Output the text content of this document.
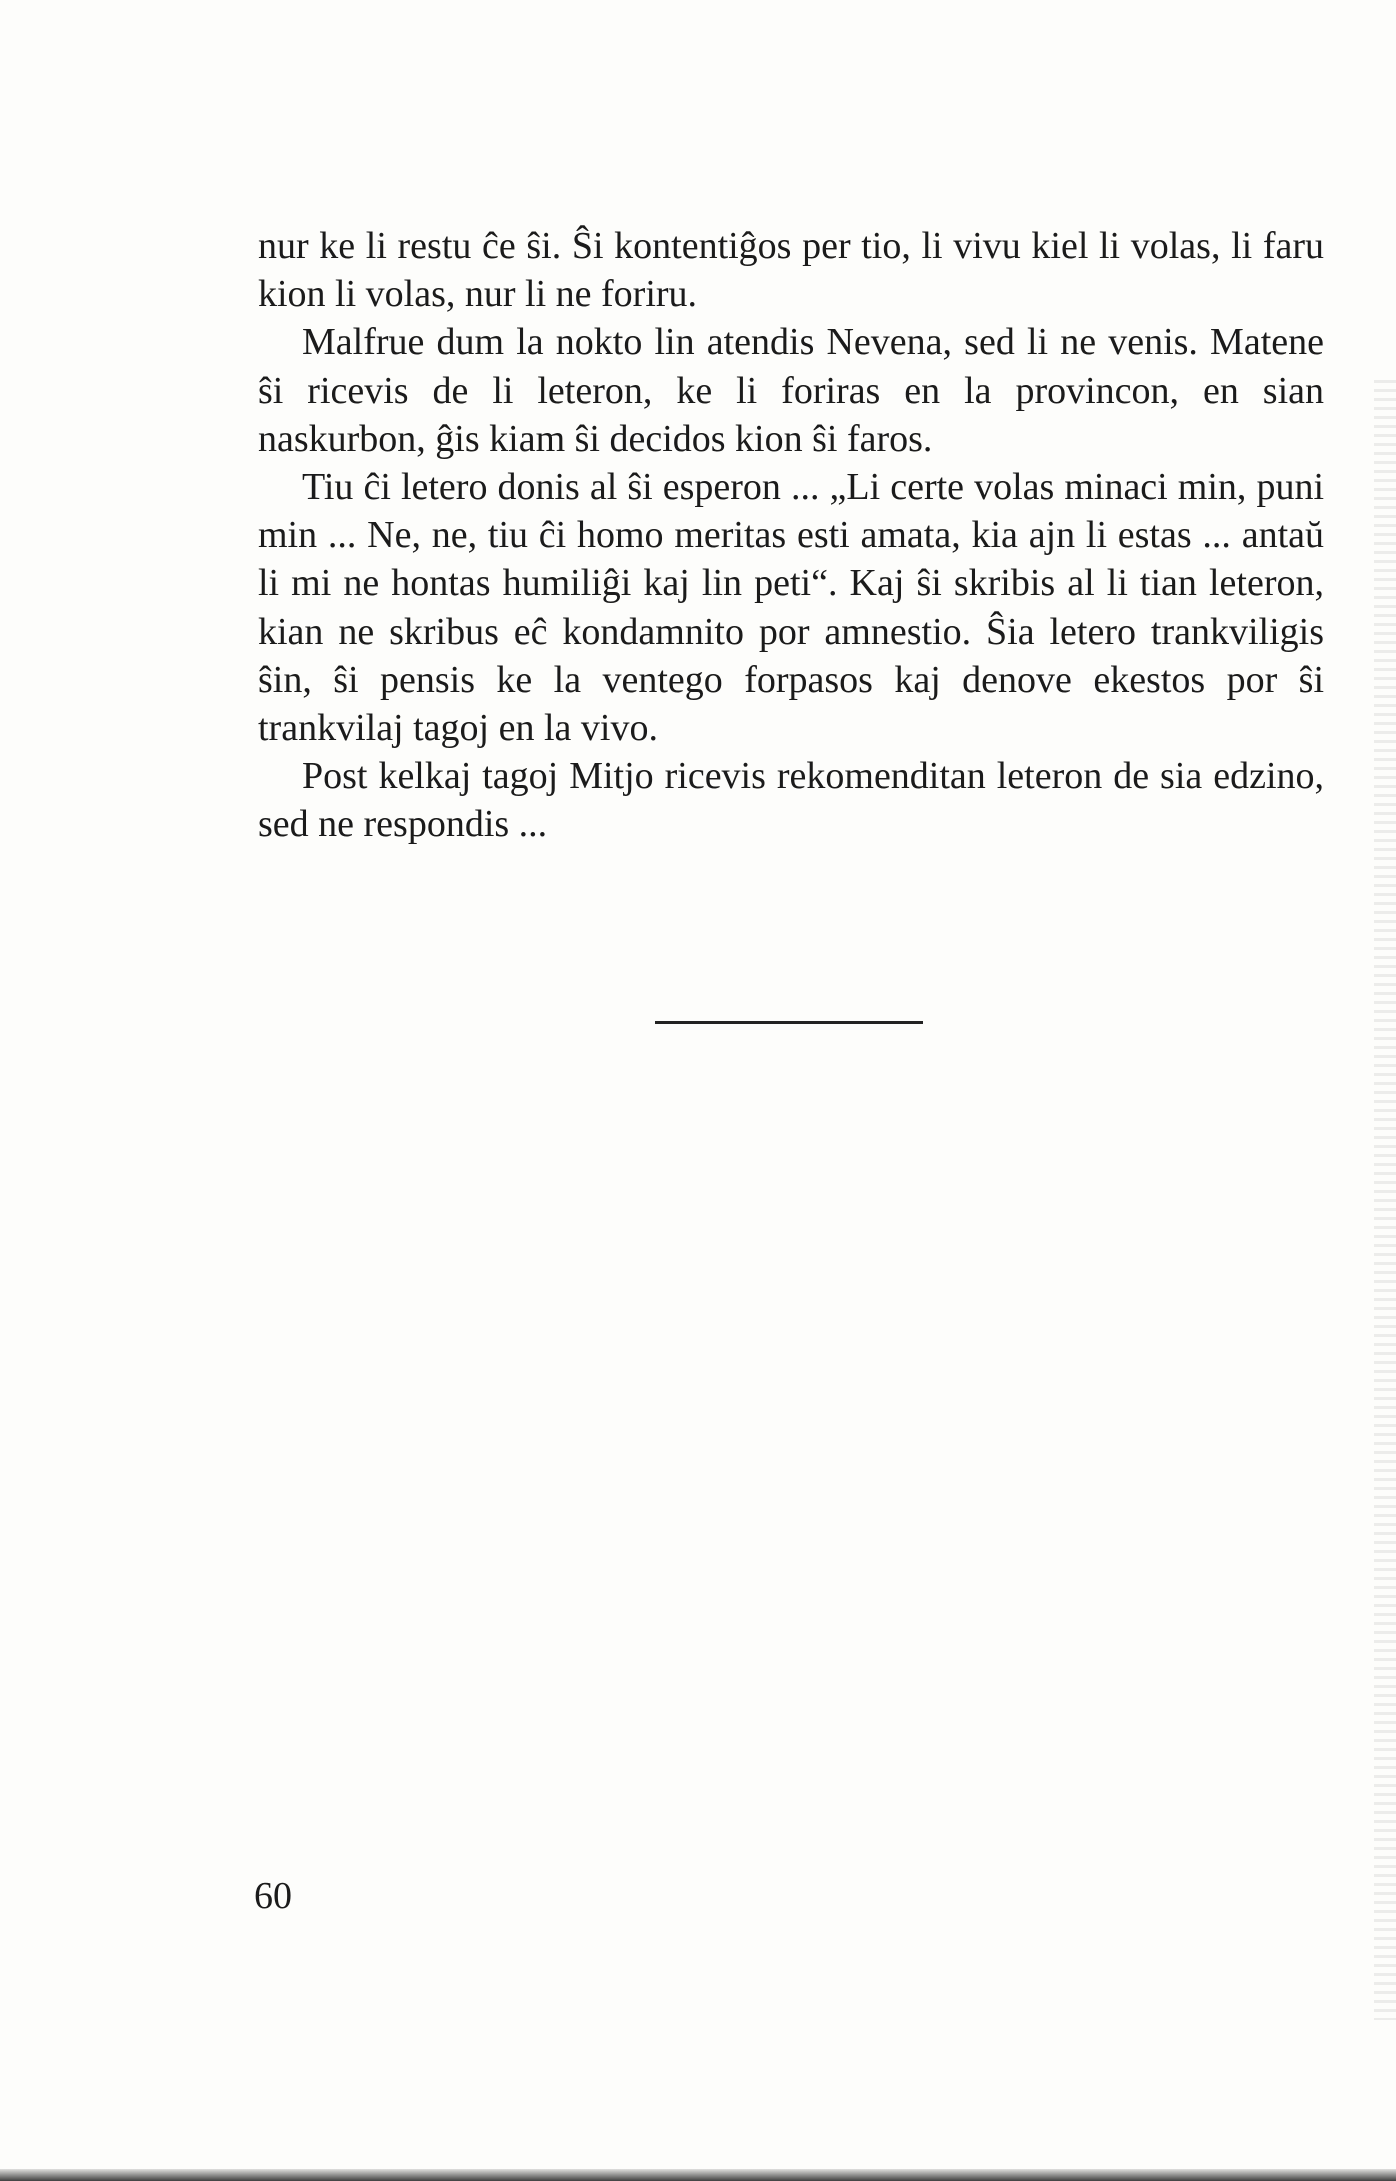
nur ke li restu ĉe ŝi. Ŝi kontentiĝos per tio, li vivu kiel li volas, li faru kion li volas, nur li ne foriru.

Malfrue dum la nokto lin atendis Nevena, sed li ne venis. Matene ŝi ricevis de li leteron, ke li foriras en la provincon, en sian naskurbon, ĝis kiam ŝi decidos kion ŝi faros.

Tiu ĉi letero donis al ŝi esperon ... „Li certe volas minaci min, puni min ... Ne, ne, tiu ĉi homo meritas esti amata, kia ajn li estas ... antaŭ li mi ne hontas humiliĝi kaj lin peti“. Kaj ŝi skribis al li tian leteron, kian ne skribus eĉ kondamnito por amnestio. Ŝia letero trankviligis ŝin, ŝi pensis ke la ventego forpasos kaj denove ekestos por ŝi trankvilaj tagoj en la vivo.

Post kelkaj tagoj Mitjo ricevis rekomenditan leteron de sia edzino, sed ne respondis ...

60
